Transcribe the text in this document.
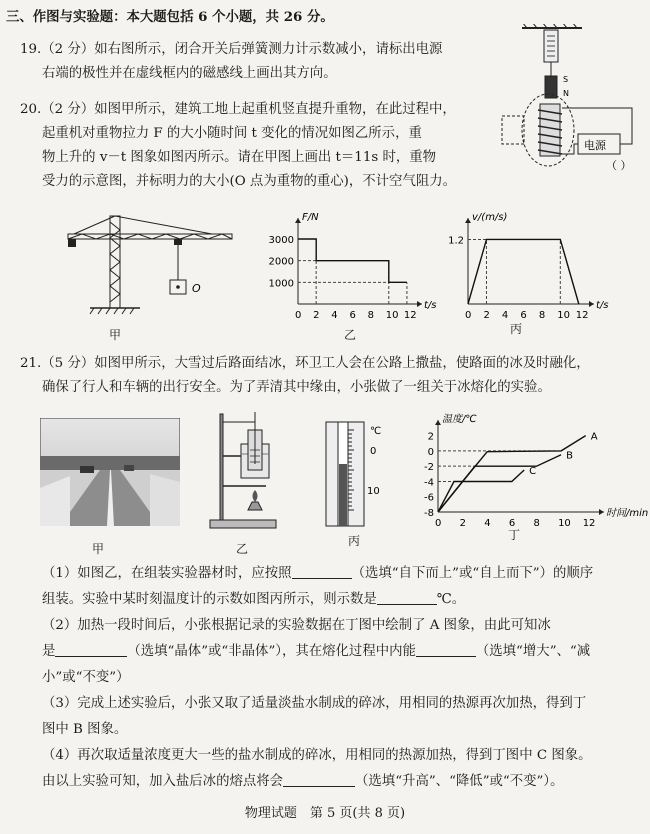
三、作图与实验题：本大题包括 6 个小题，共 26 分。
19.（2 分）如右图所示，闭合开关后弹簧测力计示数减小，请标出电源
右端的极性并在虚线框内的磁感线上画出其方向。	S
N
电源
（ ）
20.（2 分）如图甲所示，建筑工地上起重机竖直提升重物，在此过程中，
起重机对重物拉力 F 的大小随时间 t 变化的情况如图乙所示，重
物上升的 v－t 图象如图丙所示。请在甲图上画出 t＝11s 时，重物
受力的示意图，并标明力的大小(O 点为重物的重心)，不计空气阻力。
O
甲
F/N
t/s
0 2 4 6 8 10 12
1000
2000
3000
乙
v/(m/s)
t/s
0 2 4 6 8 10 12
1.2
丙
21.（5 分）如图甲所示，大雪过后路面结冰，环卫工人会在公路上撒盐，使路面的冰及时融化，
确保了行人和车辆的出行安全。为了弄清其中缘由，小张做了一组关于冰熔化的实验。
甲	乙
℃
0
10
丙
温度/℃
时间/min
0 2 4 6 8 10 12
2
0
-2
-4
-6
-8
A
B
C
丁
（1）如图乙，在组装实验器材时，应按照	（选填“自下而上”或“自上而下”）的顺序
组装。实验中某时刻温度计的示数如图丙所示，则示数是	℃。
（2）加热一段时间后，小张根据记录的实验数据在丁图中绘制了 A 图象，由此可知冰
是	（选填“晶体”或“非晶体”），其在熔化过程中内能	（选填“增大”、“减
小”或“不变”）
（3）完成上述实验后，小张又取了适量淡盐水制成的碎冰，用相同的热源再次加热，得到丁
图中 B 图象。
（4）再次取适量浓度更大一些的盐水制成的碎冰，用相同的热源加热，得到丁图中 C 图象。
由以上实验可知，加入盐后冰的熔点将会	（选填“升高”、“降低”或“不变”）。
物理试题　第 5 页(共 8 页)
